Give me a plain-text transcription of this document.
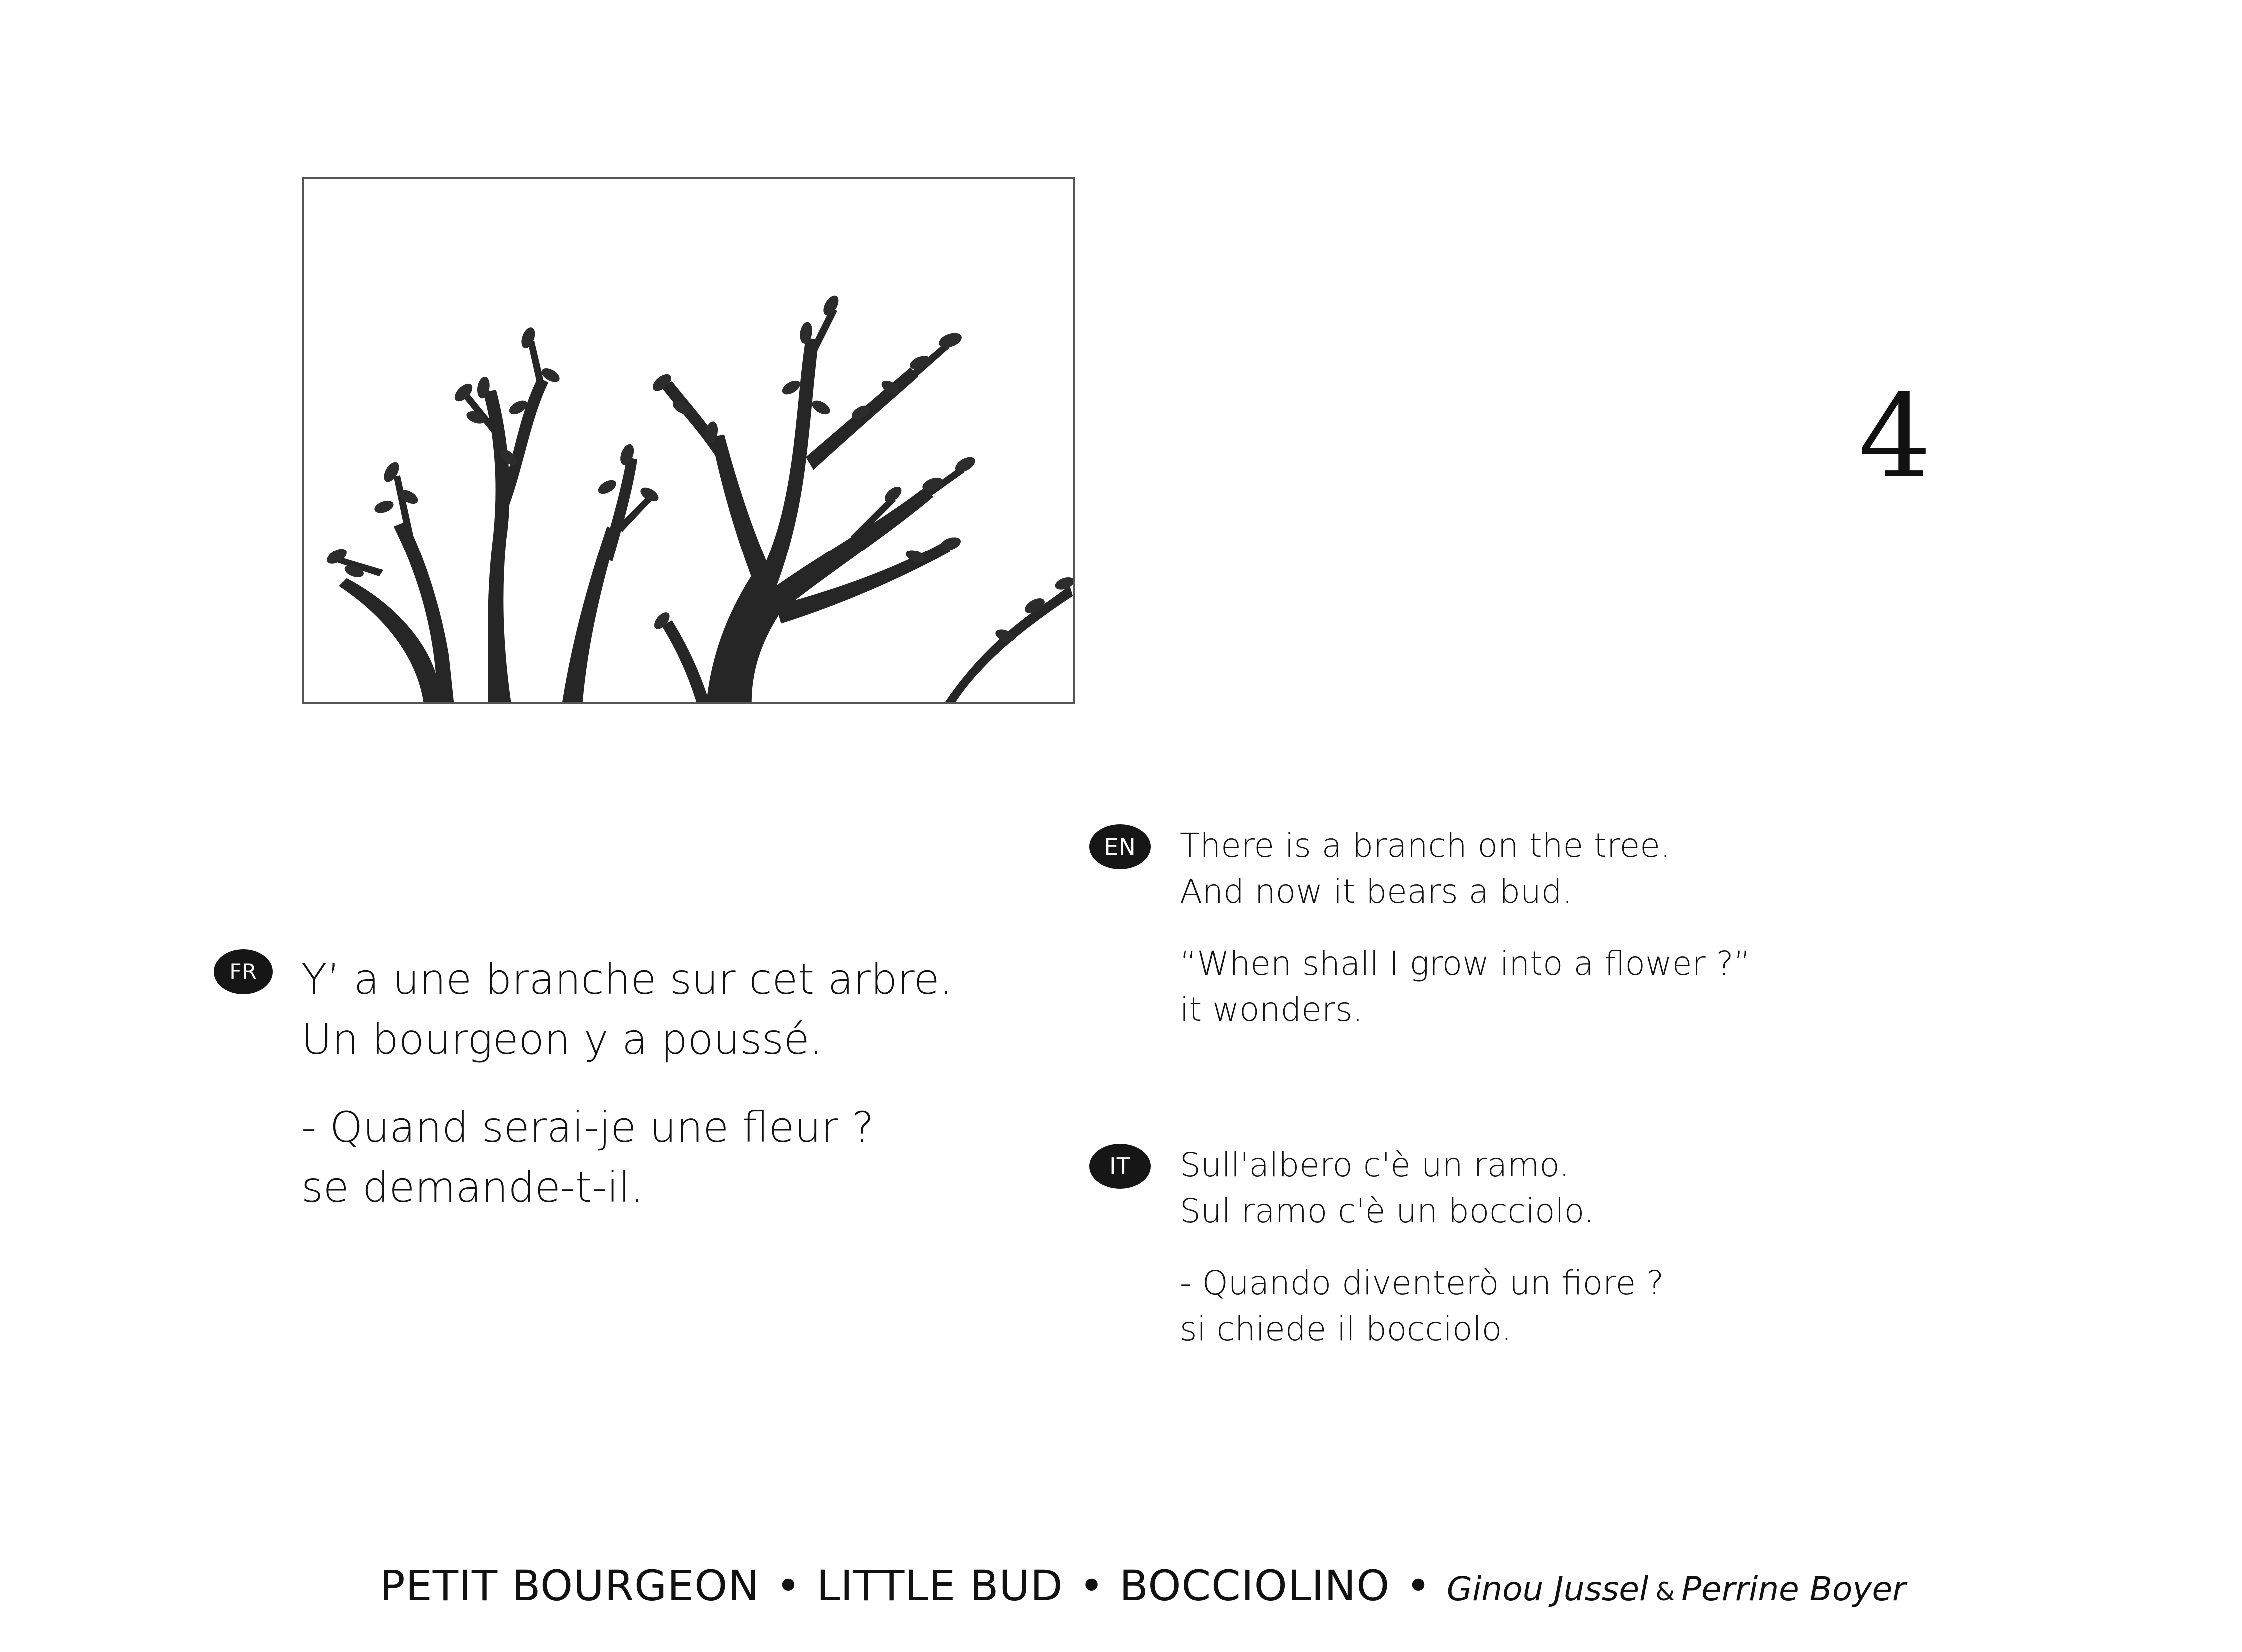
4
FR	Y’ a une branche sur cet arbre.
Un bourgeon y a poussé.

- Quand serai-je une fleur ?
se demande-t-il.

EN	There is a branch on the tree.
And now it bears a bud.

“When shall I grow into a flower ?”
it wonders.

IT	Sull'albero c'è un ramo.
Sul ramo c'è un bocciolo.

- Quando diventerò un fiore ?
si chiede il bocciolo.

PETIT BOURGEON • LITTLE BUD • BOCCIOLINO • Ginou Jussel & Perrine Boyer
